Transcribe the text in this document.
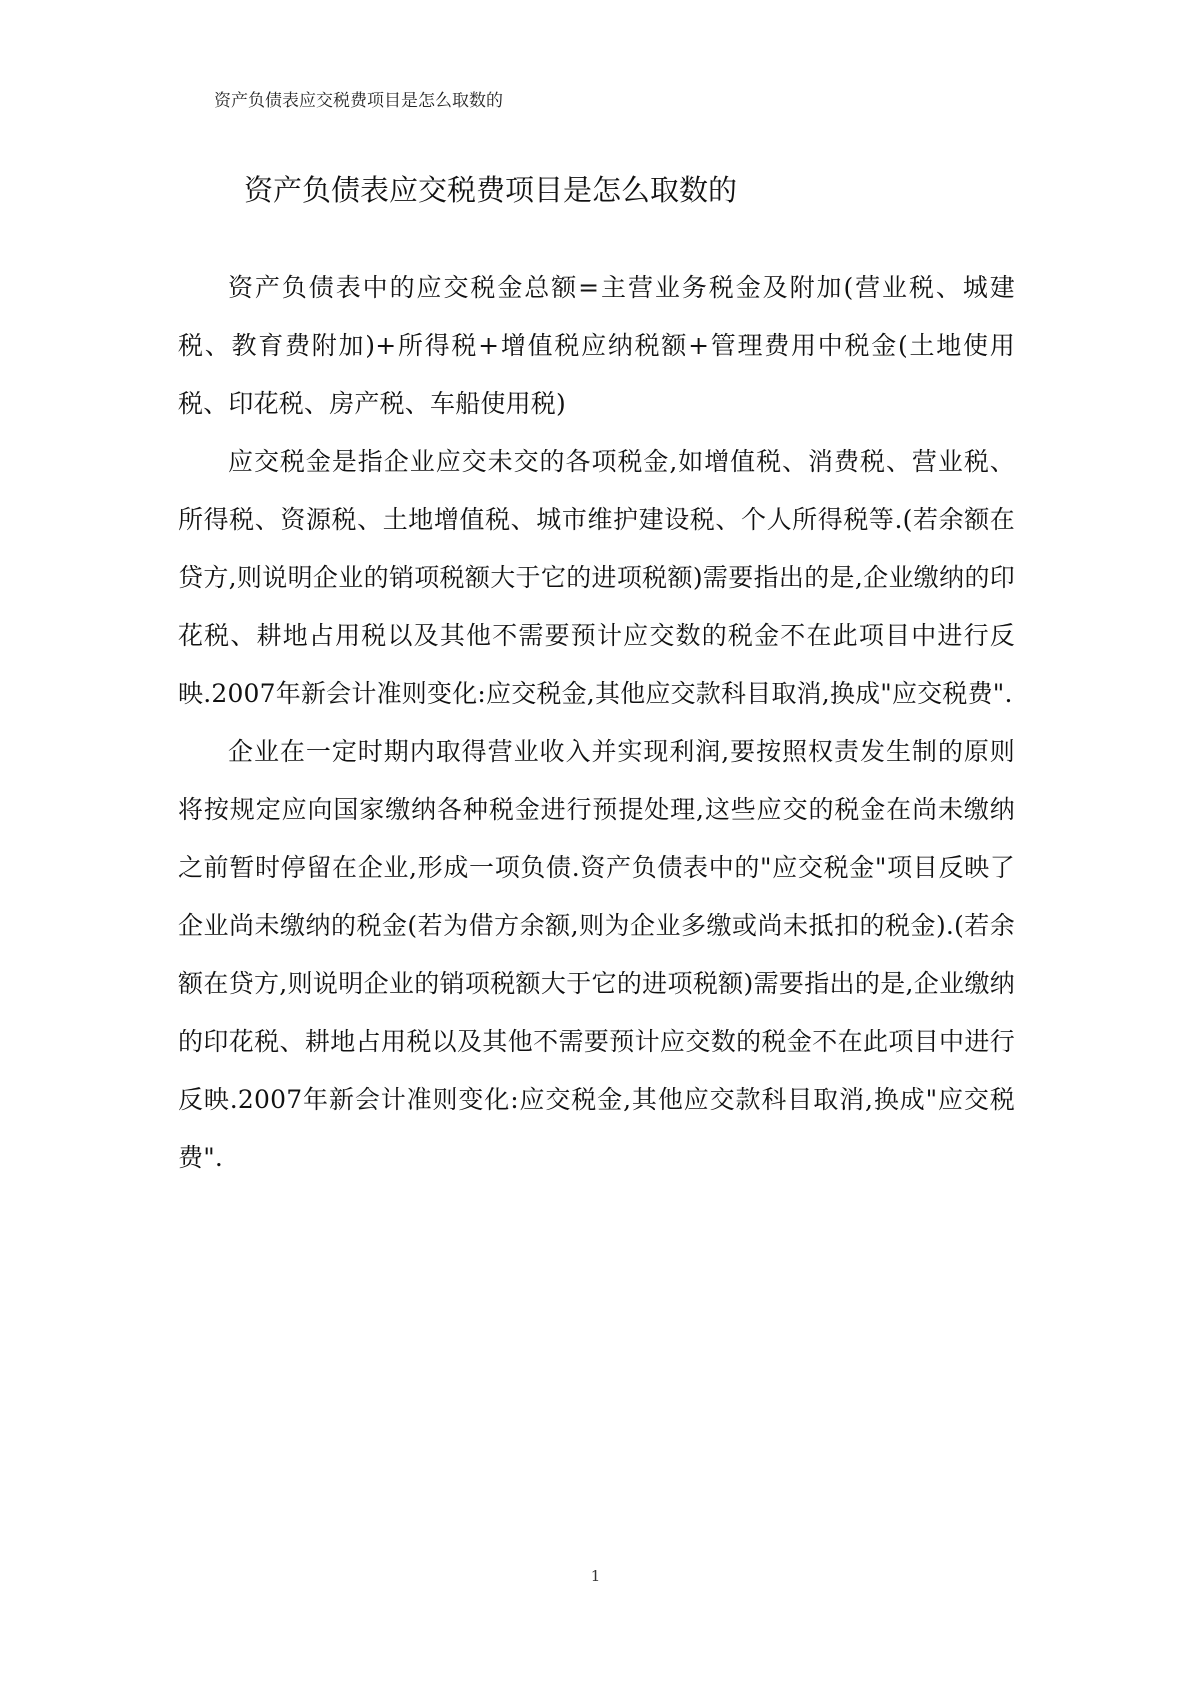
资产负债表应交税费项目是怎么取数的
资产负债表应交税费项目是怎么取数的

资产负债表中的应交税金总额=主营业务税金及附加(营业税、城建税、教育费附加)+所得税+增值税应纳税额+管理费用中税金(土地使用税、印花税、房产税、车船使用税)

应交税金是指企业应交未交的各项税金,如增值税、消费税、营业税、所得税、资源税、土地增值税、城市维护建设税、个人所得税等.(若余额在贷方,则说明企业的销项税额大于它的进项税额)需要指出的是,企业缴纳的印花税、耕地占用税以及其他不需要预计应交数的税金不在此项目中进行反映.2007年新会计准则变化:应交税金,其他应交款科目取消,换成"应交税费".

企业在一定时期内取得营业收入并实现利润,要按照权责发生制的原则将按规定应向国家缴纳各种税金进行预提处理,这些应交的税金在尚未缴纳之前暂时停留在企业,形成一项负债.资产负债表中的"应交税金"项目反映了企业尚未缴纳的税金(若为借方余额,则为企业多缴或尚未抵扣的税金).(若余额在贷方,则说明企业的销项税额大于它的进项税额)需要指出的是,企业缴纳的印花税、耕地占用税以及其他不需要预计应交数的税金不在此项目中进行反映.2007年新会计准则变化:应交税金,其他应交款科目取消,换成"应交税费".

1
